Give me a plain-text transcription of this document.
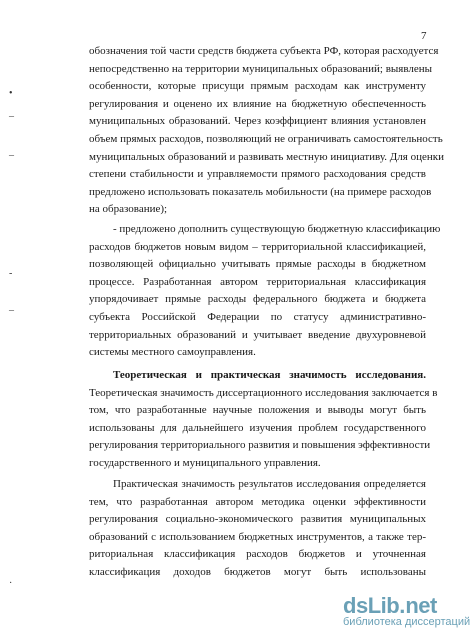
7
обозначения той части средств бюджета субъекта РФ, которая расходуется
непосредственно на территории муниципальных образований; выявлены
особенности, которые присущи прямым расходам как инструменту
регулирования и оценено их влияние на бюджетную обеспеченность
муниципальных образований. Через коэффициент влияния установлен
объем прямых расходов, позволяющий не ограничивать самостоятельность
муниципальных образований и развивать местную инициативу. Для оценки
степени стабильности и управляемости прямого расходования средств
предложено использовать показатель мобильности (на примере расходов
на образование);
- предложено дополнить существующую бюджетную классификацию
расходов бюджетов новым видом – территориальной классификацией,
позволяющей официально учитывать прямые расходы в бюджетном
процессе. Разработанная автором территориальная классификация
упорядочивает прямые расходы федерального бюджета и бюджета
субъекта Российской Федерации по статусу административно-
территориальных образований и учитывает введение двухуровневой
системы местного самоуправления.
Теоретическая и практическая значимость исследования.
Теоретическая значимость диссертационного исследования заключается в
том, что разработанные научные положения и выводы могут быть
использованы для дальнейшего изучения проблем государственного
регулирования территориального развития и повышения эффективности
государственного и муниципального управления.
Практическая значимость результатов исследования определяется
тем, что разработанная автором методика оценки эффективности
регулирования социально-экономического развития муниципальных
образований с использованием бюджетных инструментов, а также тер-
риториальная классификация расходов бюджетов и уточненная
классификация доходов бюджетов могут быть использованы
•
–
‒
-
–
·
ds Lib . net
библиотека диссертаций
